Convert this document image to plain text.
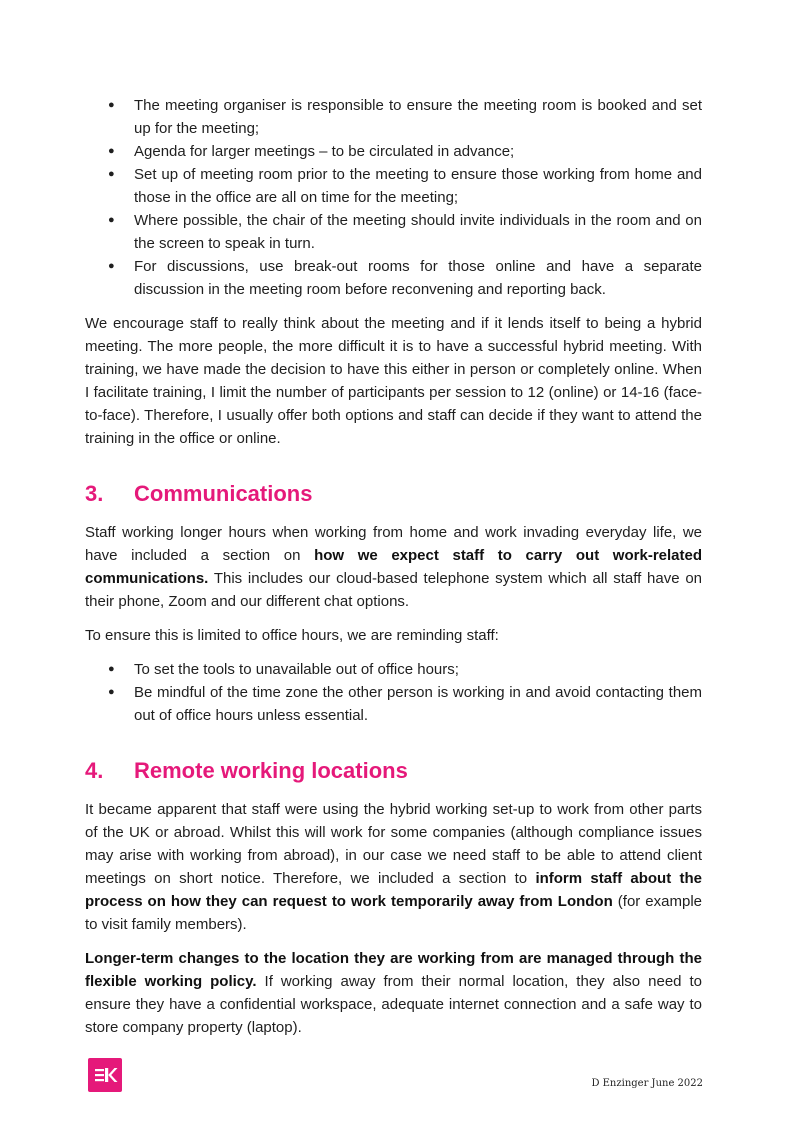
● The meeting organiser is responsible to ensure the meeting room is booked and set up for the meeting;
● Agenda for larger meetings – to be circulated in advance;
● Set up of meeting room prior to the meeting to ensure those working from home and those in the office are all on time for the meeting;
● Where possible, the chair of the meeting should invite individuals in the room and on the screen to speak in turn.
● For discussions, use break-out rooms for those online and have a separate discussion in the meeting room before reconvening and reporting back.

We encourage staff to really think about the meeting and if it lends itself to being a hybrid meeting. The more people, the more difficult it is to have a successful hybrid meeting. With training, we have made the decision to have this either in person or completely online. When I facilitate training, I limit the number of participants per session to 12 (online) or 14-16 (face-to-face). Therefore, I usually offer both options and staff can decide if they want to attend the training in the office or online.

3. Communications

Staff working longer hours when working from home and work invading everyday life, we have included a section on how we expect staff to carry out work-related communications. This includes our cloud-based telephone system which all staff have on their phone, Zoom and our different chat options.

To ensure this is limited to office hours, we are reminding staff:

● To set the tools to unavailable out of office hours;
● Be mindful of the time zone the other person is working in and avoid contacting them out of office hours unless essential.
4. Remote working locations

It became apparent that staff were using the hybrid working set-up to work from other parts of the UK or abroad. Whilst this will work for some companies (although compliance issues may arise with working from abroad), in our case we need staff to be able to attend client meetings on short notice. Therefore, we included a section to inform staff about the process on how they can request to work temporarily away from London (for example to visit family members).

Longer-term changes to the location they are working from are managed through the flexible working policy. If working away from their normal location, they also need to ensure they have a confidential workspace, adequate internet connection and a safe way to store company property (laptop).

D Enzinger June 2022
